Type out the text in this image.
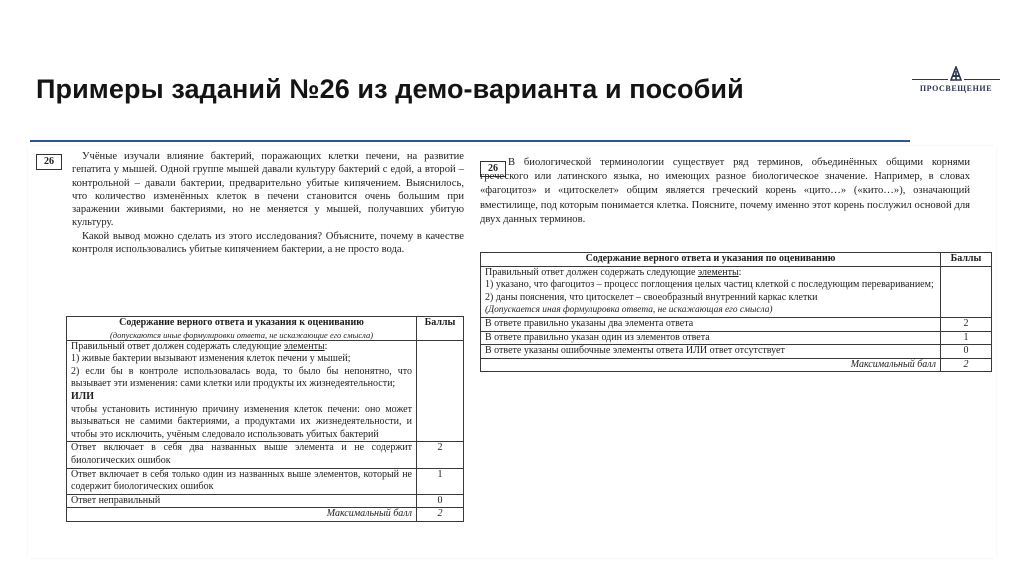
Примеры заданий №26 из демо-варианта и пособий	ПРОСВЕЩЕНИЕ
26	Учёные изучали влияние бактерий, поражающих клетки печени, на развитие гепатита у мышей. Одной группе мышей давали культуру бактерий с едой, а второй – контрольной – давали бактерии, предварительно убитые кипячением. Выяснилось, что количество изменённых клеток в печени становится очень большим при заражении живыми бактериями, но не меняется у мышей, получавших убитую культуру.

Какой вывод можно сделать из этого исследования? Объясните, почему в качестве контроля использовались убитые кипячением бактерии, а не просто вода.

Содержание верного ответа и указания к оцениванию
(допускаются иные формулировки ответа, не искажающие его смысла)	Баллы

Правильный ответ должен содержать следующие элементы:
1) живые бактерии вызывают изменения клеток печени у мышей;
2) если бы в контроле использовалась вода, то было бы непонятно, что вызывает эти изменения: сами клетки или продукты их жизнедеятельности;
ИЛИ
чтобы установить истинную причину изменения клеток печени: оно может вызываться не самими бактериями, а продуктами их жизнедеятельности, и чтобы это исключить, учёным следовало использовать убитых бактерий	

Ответ включает в себя два названных выше элемента и не содержит биологических ошибок	2
Ответ включает в себя только один из названных выше элементов, который не содержит биологических ошибок	1
Ответ неправильный	0
Максимальный балл	2
26

В биологической терминологии существует ряд терминов, объединённых общими корнями греческого или латинского языка, но имеющих разное биологическое значение. Например, в словах «фагоцитоз» и «цитоскелет» общим является греческий корень «цито…» («кито…»), означающий вместилище, под которым понимается клетка. Поясните, почему именно этот корень послужил основой для двух данных терминов.

Содержание верного ответа и указания по оцениванию	Баллы

Правильный ответ должен содержать следующие элементы:
1) указано, что фагоцитоз – процесс поглощения целых частиц клеткой с последующим перевариванием;
2) даны пояснения, что цитоскелет – своеобразный внутренний каркас клетки
(Допускается иная формулировка ответа, не искажающая его смысла)	

В ответе правильно указаны два элемента ответа	2
В ответе правильно указан один из элементов ответа	1
В ответе указаны ошибочные элементы ответа ИЛИ ответ отсутствует	0
Максимальный балл	2
